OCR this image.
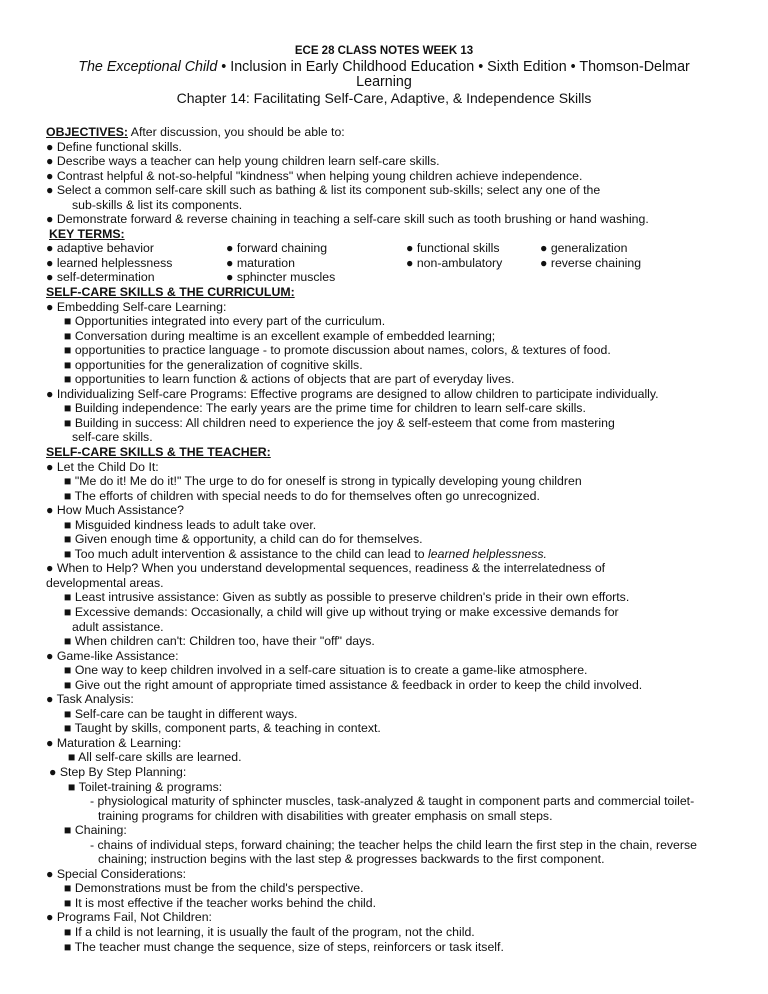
ECE 28 CLASS NOTES WEEK 13
The Exceptional Child • Inclusion in Early Childhood Education • Sixth Edition • Thomson-Delmar Learning
Chapter 14: Facilitating Self-Care, Adaptive, & Independence Skills
OBJECTIVES: After discussion, you should be able to:
● Define functional skills.
● Describe ways a teacher can help young children learn self-care skills.
● Contrast helpful & not-so-helpful "kindness" when helping young children achieve independence.
● Select a common self-care skill such as bathing & list its component sub-skills; select any one of the
sub-skills & list its components.
● Demonstrate forward & reverse chaining in teaching a self-care skill such as tooth brushing or hand washing.
KEY TERMS:
● adaptive behavior	● forward chaining	● functional skills	● generalization
● learned helplessness	● maturation	● non-ambulatory	● reverse chaining
● self-determination	● sphincter muscles
SELF-CARE SKILLS & THE CURRICULUM:
● Embedding Self-care Learning:
■ Opportunities integrated into every part of the curriculum.
■ Conversation during mealtime is an excellent example of embedded learning;
■ opportunities to practice language - to promote discussion about names, colors, & textures of food.
■ opportunities for the generalization of cognitive skills.
■ opportunities to learn function & actions of objects that are part of everyday lives.
● Individualizing Self-care Programs: Effective programs are designed to allow children to participate individually.
■ Building independence: The early years are the prime time for children to learn self-care skills.
■ Building in success: All children need to experience the joy & self-esteem that come from mastering
self-care skills.
SELF-CARE SKILLS & THE TEACHER:
● Let the Child Do It:
■ "Me do it! Me do it!" The urge to do for oneself is strong in typically developing young children
■ The efforts of children with special needs to do for themselves often go unrecognized.
● How Much Assistance?
■ Misguided kindness leads to adult take over.
■ Given enough time & opportunity, a child can do for themselves.
■ Too much adult intervention & assistance to the child can lead to learned helplessness.
● When to Help? When you understand developmental sequences, readiness & the interrelatedness of
developmental areas.
■ Least intrusive assistance: Given as subtly as possible to preserve children's pride in their own efforts.
■ Excessive demands: Occasionally, a child will give up without trying or make excessive demands for
adult assistance.
■ When children can't: Children too, have their "off" days.
● Game-like Assistance:
■ One way to keep children involved in a self-care situation is to create a game-like atmosphere.
■ Give out the right amount of appropriate timed assistance & feedback in order to keep the child involved.
● Task Analysis:
■ Self-care can be taught in different ways.
■ Taught by skills, component parts, & teaching in context.
● Maturation & Learning:
■ All self-care skills are learned.
● Step By Step Planning:
■ Toilet-training & programs:
- physiological maturity of sphincter muscles, task-analyzed & taught in component parts and commercial toilet-
training programs for children with disabilities with greater emphasis on small steps.
■ Chaining:
- chains of individual steps, forward chaining; the teacher helps the child learn the first step in the chain, reverse
chaining; instruction begins with the last step & progresses backwards to the first component.
● Special Considerations:
■ Demonstrations must be from the child's perspective.
■ It is most effective if the teacher works behind the child.
● Programs Fail, Not Children:
■ If a child is not learning, it is usually the fault of the program, not the child.
■ The teacher must change the sequence, size of steps, reinforcers or task itself.
